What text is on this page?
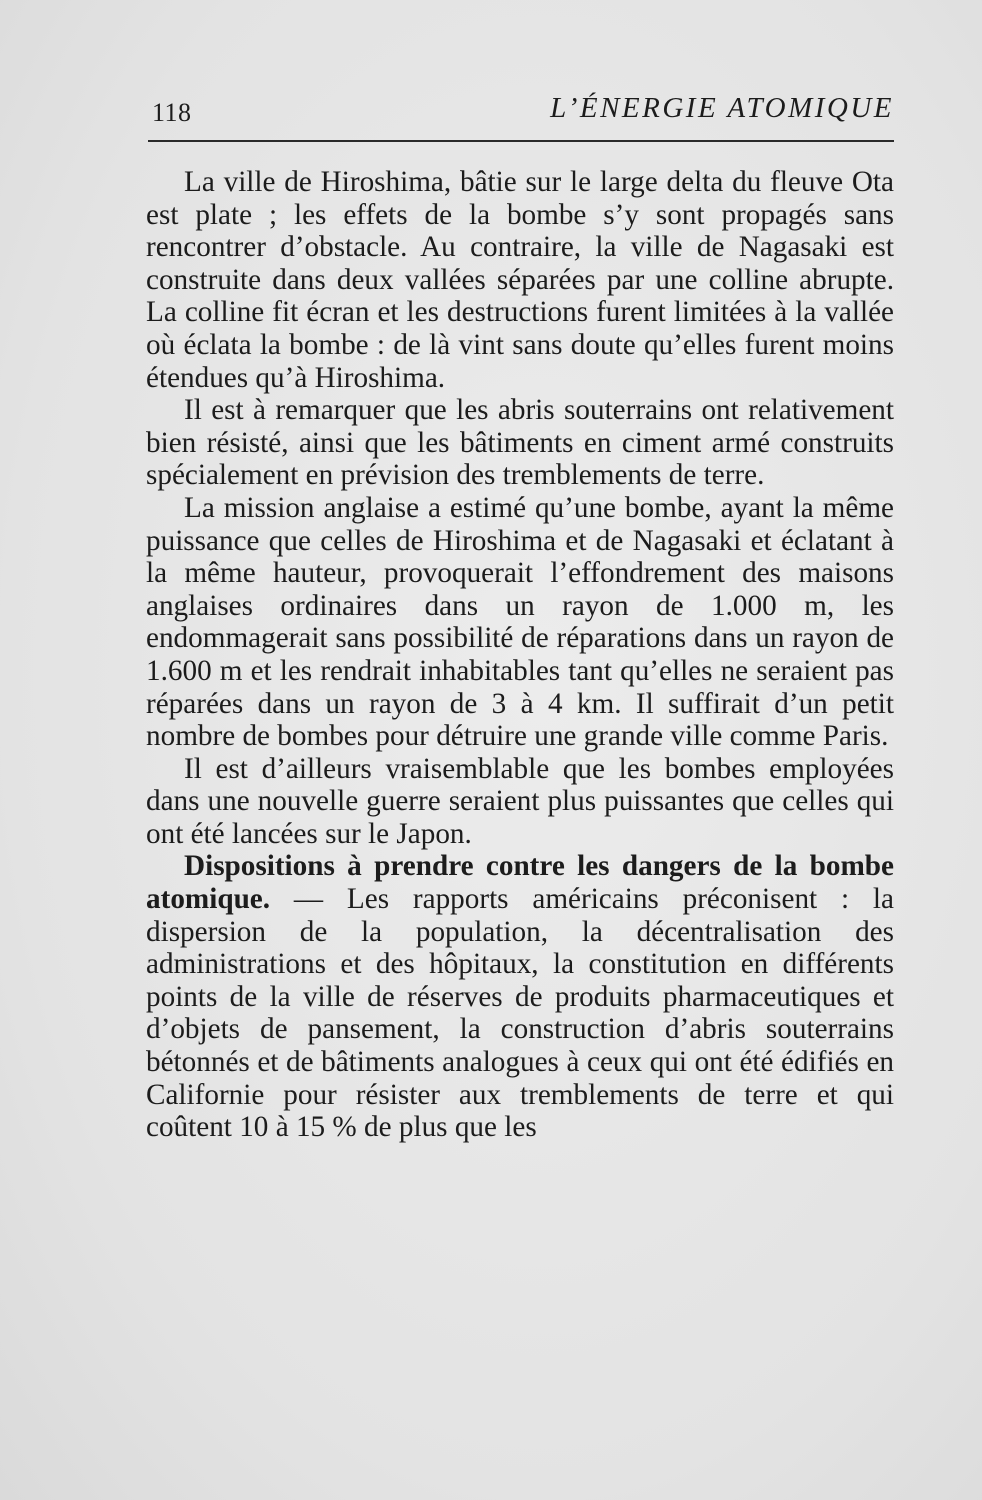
118	L’ÉNERGIE ATOMIQUE

La ville de Hiroshima, bâtie sur le large delta du fleuve Ota est plate ; les effets de la bombe s’y sont propagés sans rencontrer d’obstacle. Au contraire, la ville de Nagasaki est construite dans deux vallées séparées par une colline abrupte. La colline fit écran et les destructions furent limitées à la vallée où éclata la bombe : de là vint sans doute qu’elles furent moins étendues qu’à Hiroshima.

Il est à remarquer que les abris souterrains ont relativement bien résisté, ainsi que les bâtiments en ciment armé construits spécialement en prévision des tremblements de terre.

La mission anglaise a estimé qu’une bombe, ayant la même puissance que celles de Hiroshima et de Nagasaki et éclatant à la même hauteur, provoquerait l’effondrement des maisons anglaises ordinaires dans un rayon de 1.000 m, les endommagerait sans possibilité de réparations dans un rayon de 1.600 m et les rendrait inhabitables tant qu’elles ne seraient pas réparées dans un rayon de 3 à 4 km. Il suffirait d’un petit nombre de bombes pour détruire une grande ville comme Paris.

Il est d’ailleurs vraisemblable que les bombes employées dans une nouvelle guerre seraient plus puissantes que celles qui ont été lancées sur le Japon.

Dispositions à prendre contre les dangers de la bombe atomique. — Les rapports américains préconisent : la dispersion de la population, la décentralisation des administrations et des hôpitaux, la constitution en différents points de la ville de réserves de produits pharmaceutiques et d’objets de pansement, la construction d’abris souterrains bétonnés et de bâtiments analogues à ceux qui ont été édifiés en Californie pour résister aux tremblements de terre et qui coûtent 10 à 15 % de plus que les
